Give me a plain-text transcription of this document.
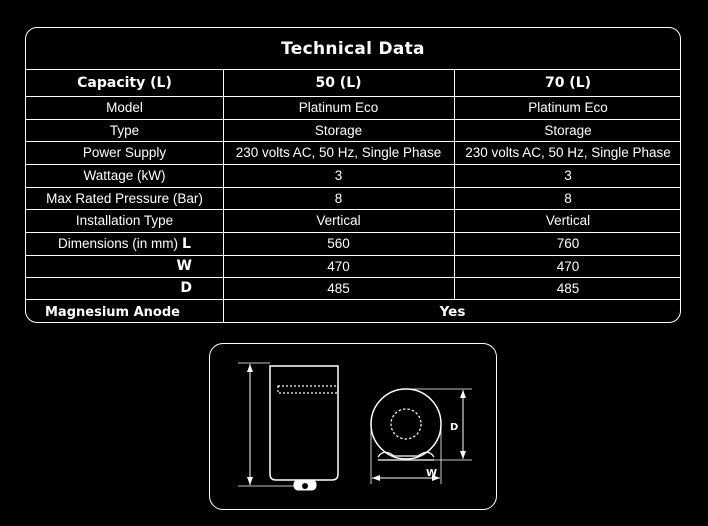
Technical Data
Capacity (L)	50 (L)	70 (L)
Model	Platinum Eco	Platinum Eco
Type	Storage	Storage
Power Supply	230 volts AC, 50 Hz, Single Phase	230 volts AC, 50 Hz, Single Phase
Wattage (kW)	3	3
Max Rated Pressure (Bar)	8	8
Installation Type	Vertical	Vertical
Dimensions (in mm) L	560	760
W	470	470
D	485	485
Magnesium Anode	Yes
D
W
